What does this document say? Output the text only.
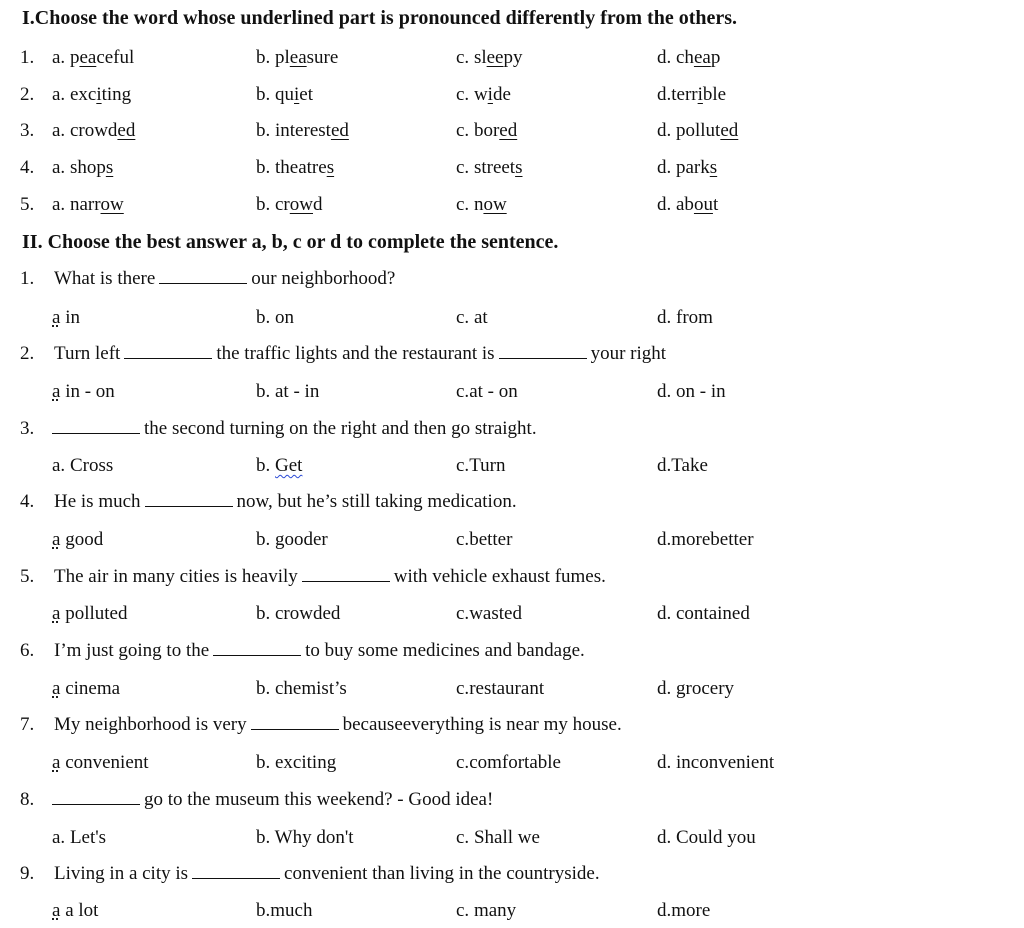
I.Choose the word whose underlined part is pronounced differently from the others.
1. a. peaceful	b. pleasure	c. sleepy	d. cheap
2. a. exciting	b. quiet	c. wide	d.terrible
3. a. crowded	b. interested	c. bored	d. polluted
4. a. shops	b. theatres	c. streets	d. parks
5. a. narrow	b. crowd	c. now	d. about
II. Choose the best answer a, b, c or d to complete the sentence.
1. What is there	our neighborhood?
a in	b. on	c. at	d. from
2. Turn left	the traffic lights and the restaurant is	your right
a in - on	b. at - in	c.at - on	d. on - in
3.	the second turning on the right and then go straight.
a. Cross	b. Get	c.Turn	d.Take
4. He is much	now, but he’s still taking medication.
a good	b. gooder	c.better	d.morebetter
5. The air in many cities is heavily	with vehicle exhaust fumes.
a polluted	b. crowded	c.wasted	d. contained
6. I’m just going to the	to buy some medicines and bandage.
a cinema	b. chemist’s	c.restaurant	d. grocery
7. My neighborhood is very	becauseeverything is near my house.
a convenient	b. exciting	c.comfortable	d. inconvenient
8.	go to the museum this weekend? - Good idea!
a. Let's	b. Why don't	c. Shall we	d. Could you
9. Living in a city is	convenient than living in the countryside.
a a lot	b.much	c. many	d.more
